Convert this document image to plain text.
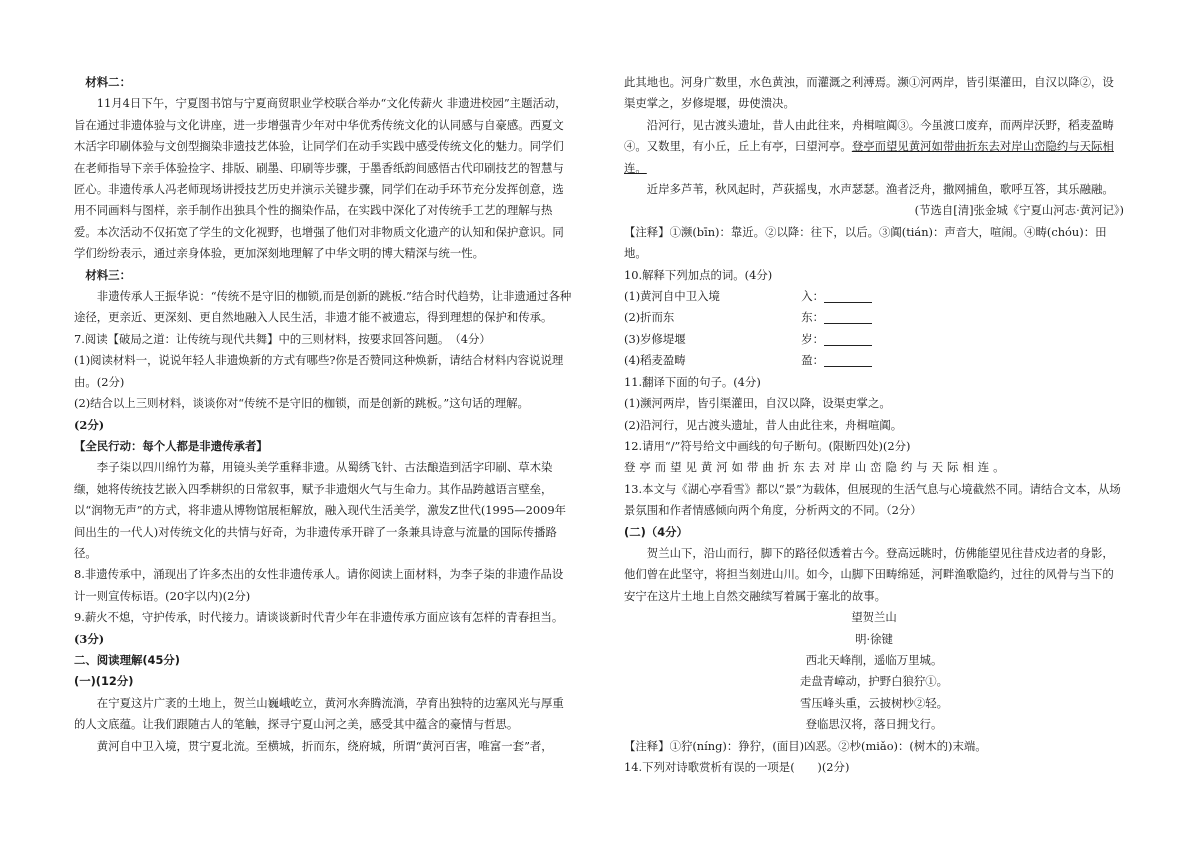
材料二：

11月4日下午，宁夏图书馆与宁夏商贸职业学校联合举办“文化传薪火 非遗进校园”主题活动，旨在通过非遗体验与文化讲座，进一步增强青少年对中华优秀传统文化的认同感与自豪感。西夏文木活字印刷体验与文创型搁染非遗技艺体验，让同学们在动手实践中感受传统文化的魅力。同学们在老师指导下亲手体验捡字、排版、刷墨、印刷等步骤，于墨香纸韵间感悟古代印刷技艺的智慧与匠心。非遗传承人冯老师现场讲授技艺历史并演示关键步骤，同学们在动手环节充分发挥创意，选用不同画料与图样，亲手制作出独具个性的搁染作品，在实践中深化了对传统手工艺的理解与热爱。本次活动不仅拓宽了学生的文化视野，也增强了他们对非物质文化遗产的认知和保护意识。同学们纷纷表示，通过亲身体验，更加深刻地理解了中华文明的博大精深与统一性。

材料三：

非遗传承人王振华说：“传统不是守旧的枷锁,而是创新的跳板.”结合时代趋势，让非遗通过各种途径，更亲近、更深刻、更自然地融入人民生活，非遗才能不被遗忘，得到理想的保护和传承。

7.阅读【破局之道：让传统与现代共舞】中的三则材料，按要求回答问题。　（4分）

(1)阅读材料一，说说年轻人非遗焕新的方式有哪些?你是否赞同这种焕新，请结合材料内容说说理由。(2分)

(2)结合以上三则材料，谈谈你对“传统不是守旧的枷锁，而是创新的跳板。”这句话的理解。

(2分)

【全民行动：每个人都是非遗传承者】

李子柒以四川绵竹为幕，用镜头美学重释非遗。从蜀绣飞针、古法酿造到活字印刷、草木染缬，她将传统技艺嵌入四季耕织的日常叙事，赋予非遗烟火气与生命力。其作品跨越语言壁垒，以“润物无声”的方式，将非遗从博物馆展柜解放，融入现代生活美学，激发Z世代(1995—2009年间出生的一代人)对传统文化的共情与好奇，为非遗传承开辟了一条兼具诗意与流量的国际传播路径。

8.非遗传承中，涌现出了许多杰出的女性非遗传承人。请你阅读上面材料，为李子柒的非遗作品设计一则宣传标语。(20字以内)(2分)

9.薪火不熄，守护传承，时代接力。请谈谈新时代青少年在非遗传承方面应该有怎样的青春担当。

(3分)

二、阅读理解(45分)

(一)(12分)

在宁夏这片广袤的土地上，贺兰山巍峨屹立，黄河水奔腾流淌，孕育出独特的边塞风光与厚重的人文底蕴。让我们跟随古人的笔触，探寻宁夏山河之美，感受其中蕴含的豪情与哲思。

黄河自中卫入境，贯宁夏北流。至横城，折而东，绕府城，所谓“黄河百害，唯富一套”者，

此其地也。河身广数里，水色黄浊，而灌溉之利溥焉。濒①河两岸，皆引渠灌田，自汉以降②，设渠吏掌之，岁修堤堰，毋使溃决。

沿河行，见古渡头遗址，昔人由此往来，舟楫喧阗③。今虽渡口废弃，而两岸沃野，稻麦盈畴④。又数里，有小丘，丘上有亭，曰望河亭。登亭而望见黄河如带曲折东去对岸山峦隐约与天际相连。

近岸多芦苇，秋风起时，芦荻摇曳，水声瑟瑟。渔者泛舟，撒网捕鱼，歌呼互答，其乐融融。

(节选自[清]张金城《宁夏山河志·黄河记》)

【注释】①濒(bīn)：靠近。②以降：往下，以后。③阗(tián)：声音大，喧闹。④畴(chóu)：田地。

10.解释下列加点的词。(4分)

(1)黄河自中卫入境	入：
(2)折而东	东：
(3)岁修堤堰	岁：
(4)稻麦盈畴	盈：

11.翻译下面的句子。(4分)

(1)濒河两岸，皆引渠灌田，自汉以降，设渠吏掌之。

(2)沿河行，见古渡头遗址，昔人由此往来，舟楫喧阗。

12.请用“/”符号给文中画线的句子断句。(限断四处)(2分)

登亭而望见黄河如带曲折东去对岸山峦隐约与天际相连。

13.本文与《湖心亭看雪》都以“景”为载体，但展现的生活气息与心境截然不同。请结合文本，从场景氛围和作者情感倾向两个角度，分析两文的不同。（2分）

(二)（4分）

贺兰山下，沿山而行，脚下的路径似透着古今。登高远眺时，仿佛能望见往昔戍边者的身影，他们曾在此坚守，将担当刻进山川。如今，山脚下田畴绵延，河畔渔歌隐约，过往的风骨与当下的安宁在这片土地上自然交融续写着属于塞北的故事。

望贺兰山

明·徐键

西北天峰削，遥临万里城。

走盘青嶂动，护野白狼狞①。

雪压峰头重，云披树杪②轻。

登临思汉将，落日拥戈行。

【注释】①狞(níng)：狰狞，(面目)凶恶。②杪(miǎo)：(树木的)末端。

14.下列对诗歌赏析有误的一项是(　　)(2分)
